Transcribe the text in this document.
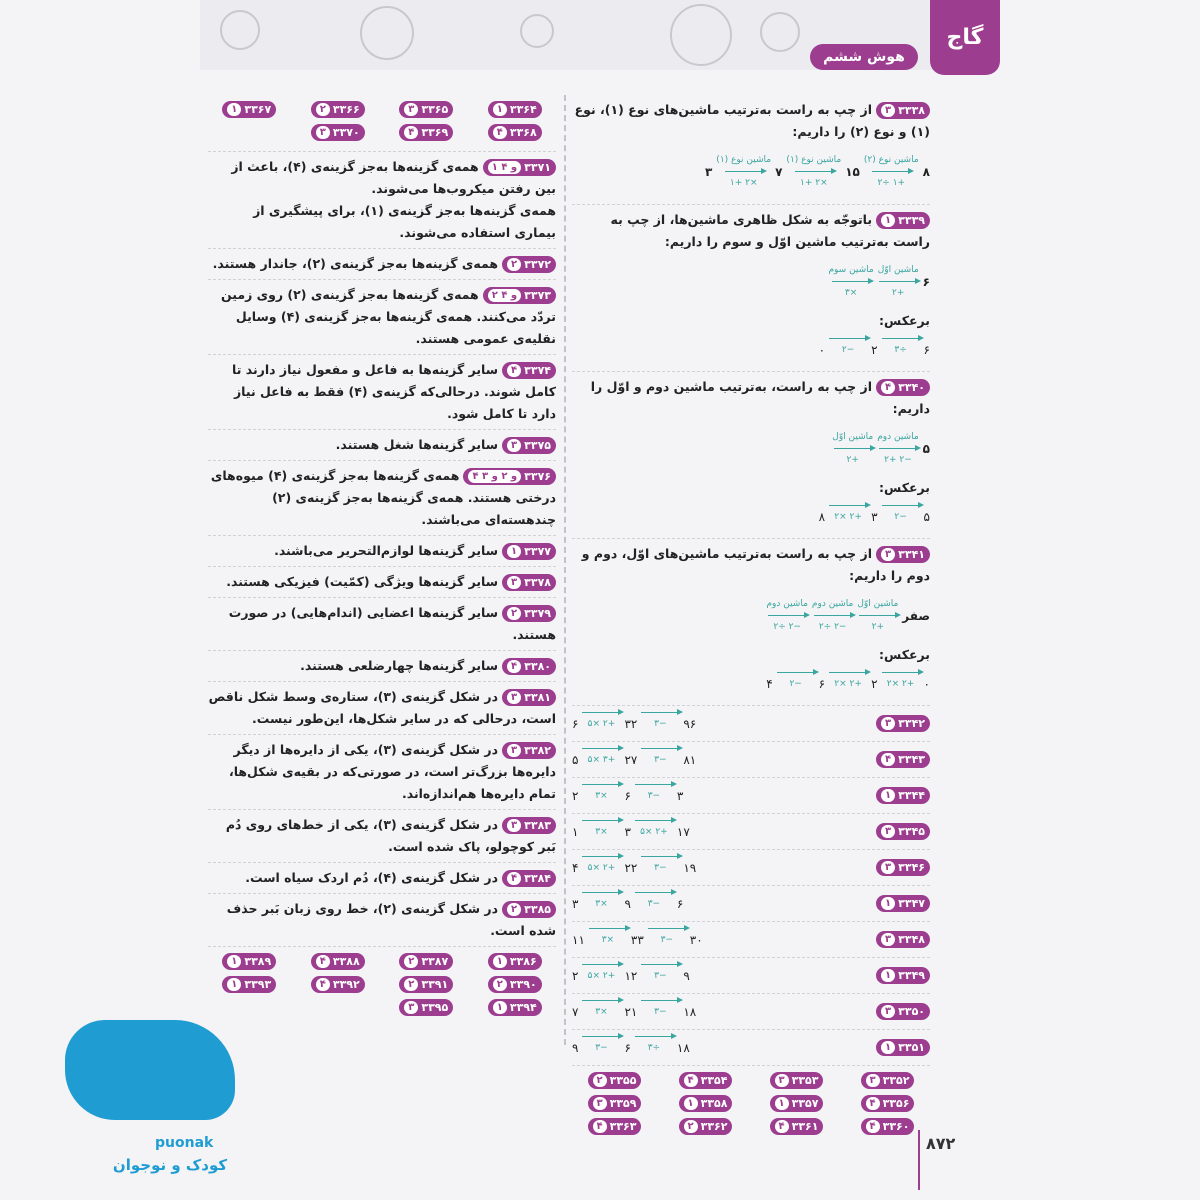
گاج
هوش ششم
۳ ۳۳۳۸
از چپ به راست به‌ترتیب ماشین‌های نوع (۱)، نوع (۱) و نوع (۲) را داریم:
۳
ماشین نوع (۱)
۱+ ۲×
۷
ماشین نوع (۱)
۱+ ۲×
۱۵
ماشین نوع (۲)
۲÷ ۱+
۸
۱ ۳۳۳۹
باتوجّه به شکل ظاهری ماشین‌ها، از چپ به راست به‌ترتیب ماشین اوّل و سوم را داریم:
ماشین سوم
۳×
ماشین اوّل
۲+
۶
برعکس:
۰ ۲− ۲ ۳÷ ۶
۴ ۳۳۴۰
از چپ به راست، به‌ترتیب ماشین دوم و اوّل را داریم:
ماشین اوّل
۲+
ماشین دوم
۲+ ۲−
۵
برعکس:
۸ ۲× ۲+ ۳ ۲− ۵
۳ ۳۳۴۱
از چپ به راست به‌ترتیب ماشین‌های اوّل، دوم و دوم را داریم:
ماشین دوم
۲÷ ۲−
ماشین دوم
۲÷ ۲−
ماشین اوّل
۲+
صفر
برعکس:
۴ ۲− ۶ ۲× ۲+ ۲ ۲× ۲+ ۰
۳ ۳۳۴۲
۶ ۵× ۲+ ۳۲ ۳− ۹۶
۴ ۳۳۴۳
۵ ۵× ۳+ ۲۷ ۳− ۸۱
۱ ۳۳۴۴
۲ ۳× ۶ ۳− ۳
۳ ۳۳۴۵
۱ ۳× ۳ ۵× ۲+ ۱۷
۳ ۳۳۴۶
۴ ۵× ۲+ ۲۲ ۳− ۱۹
۱ ۳۳۴۷
۳ ۳× ۹ ۳− ۶
۳ ۳۳۴۸
۱۱ ۳× ۳۳ ۳− ۳۰
۱ ۳۳۴۹
۲ ۵× ۲+ ۱۲ ۳− ۹
۳ ۳۳۵۰
۷ ۳× ۲۱ ۳− ۱۸
۱ ۳۳۵۱
۹ ۳− ۶ ۳÷ ۱۸
۳ ۳۳۵۲
۳ ۳۳۵۳
۴ ۳۳۵۴
۲ ۳۳۵۵
۴ ۳۳۵۶
۱ ۳۳۵۷
۱ ۳۳۵۸
۳ ۳۳۵۹
۴ ۳۳۶۰
۴ ۳۳۶۱
۲ ۳۳۶۲
۴ ۳۳۶۳
۱ ۳۳۶۴
۳ ۳۳۶۵
۲ ۳۳۶۶
۱ ۳۳۶۷
۴ ۳۳۶۸
۴ ۳۳۶۹
۳ ۳۳۷۰
۱ و ۴ ۳۳۷۱
همه‌ی گزینه‌ها به‌جز گزینه‌ی (۴)، باعث از بین رفتن میکروب‌ها می‌شوند.
همه‌ی گزینه‌ها به‌جز گزینه‌ی (۱)، برای پیشگیری از بیماری استفاده می‌شوند.
۲ ۳۳۷۲
همه‌ی گزینه‌ها به‌جز گزینه‌ی (۲)، جاندار هستند.
۲ و ۴ ۳۳۷۳
همه‌ی گزینه‌ها به‌جز گزینه‌ی (۲) روی زمین تردّد می‌کنند. همه‌ی گزینه‌ها به‌جز گزینه‌ی (۴) وسایل نقلیه‌ی عمومی هستند.
۴ ۳۳۷۴
سایر گزینه‌ها به فاعل و مفعول نیاز دارند تا کامل شوند. درحالی‌که گزینه‌ی (۴) فقط به فاعل نیاز دارد تا کامل شود.
۳ ۳۳۷۵
سایر گزینه‌ها شغل هستند.
۴ و ۲ و ۳ ۳۳۷۶
همه‌ی گزینه‌ها به‌جز گزینه‌ی (۴) میوه‌های درختی هستند. همه‌ی گزینه‌ها به‌جز گزینه‌ی (۲) چندهسته‌ای می‌باشند.
۱ ۳۳۷۷
سایر گزینه‌ها لوازم‌التحریر می‌باشند.
۳ ۳۳۷۸
سایر گزینه‌ها ویژگی (کمّیت) فیزیکی هستند.
۲ ۳۳۷۹
سایر گزینه‌ها اعضایی (اندام‌هایی) در صورت هستند.
۴ ۳۳۸۰
سایر گزینه‌ها چهارضلعی هستند.
۳ ۳۳۸۱
در شکل گزینه‌ی (۳)، ستاره‌ی وسط شکل ناقص است، درحالی که در سایر شکل‌ها، این‌طور نیست.
۳ ۳۳۸۲
در شکل گزینه‌ی (۳)، یکی از دایره‌ها از دیگر دایره‌ها بزرگ‌تر است، در صورتی‌که در بقیه‌ی شکل‌ها، تمام دایره‌ها هم‌اندازه‌اند.
۳ ۳۳۸۳
در شکل گزینه‌ی (۳)، یکی از خط‌های روی دُم بَبر کوچولو، پاک شده است.
۴ ۳۳۸۴
در شکل گزینه‌ی (۴)، دُم اردک سیاه است.
۲ ۳۳۸۵
در شکل گزینه‌ی (۲)، خط روی زبان بَبر حذف شده است.
۱ ۳۳۸۶
۲ ۳۳۸۷
۴ ۳۳۸۸
۱ ۳۳۸۹
۲ ۳۳۹۰
۲ ۳۳۹۱
۴ ۳۳۹۲
۱ ۳۳۹۳
۱ ۳۳۹۴
۳ ۳۳۹۵
۸۷۲
puonak
کودک و نوجوان
